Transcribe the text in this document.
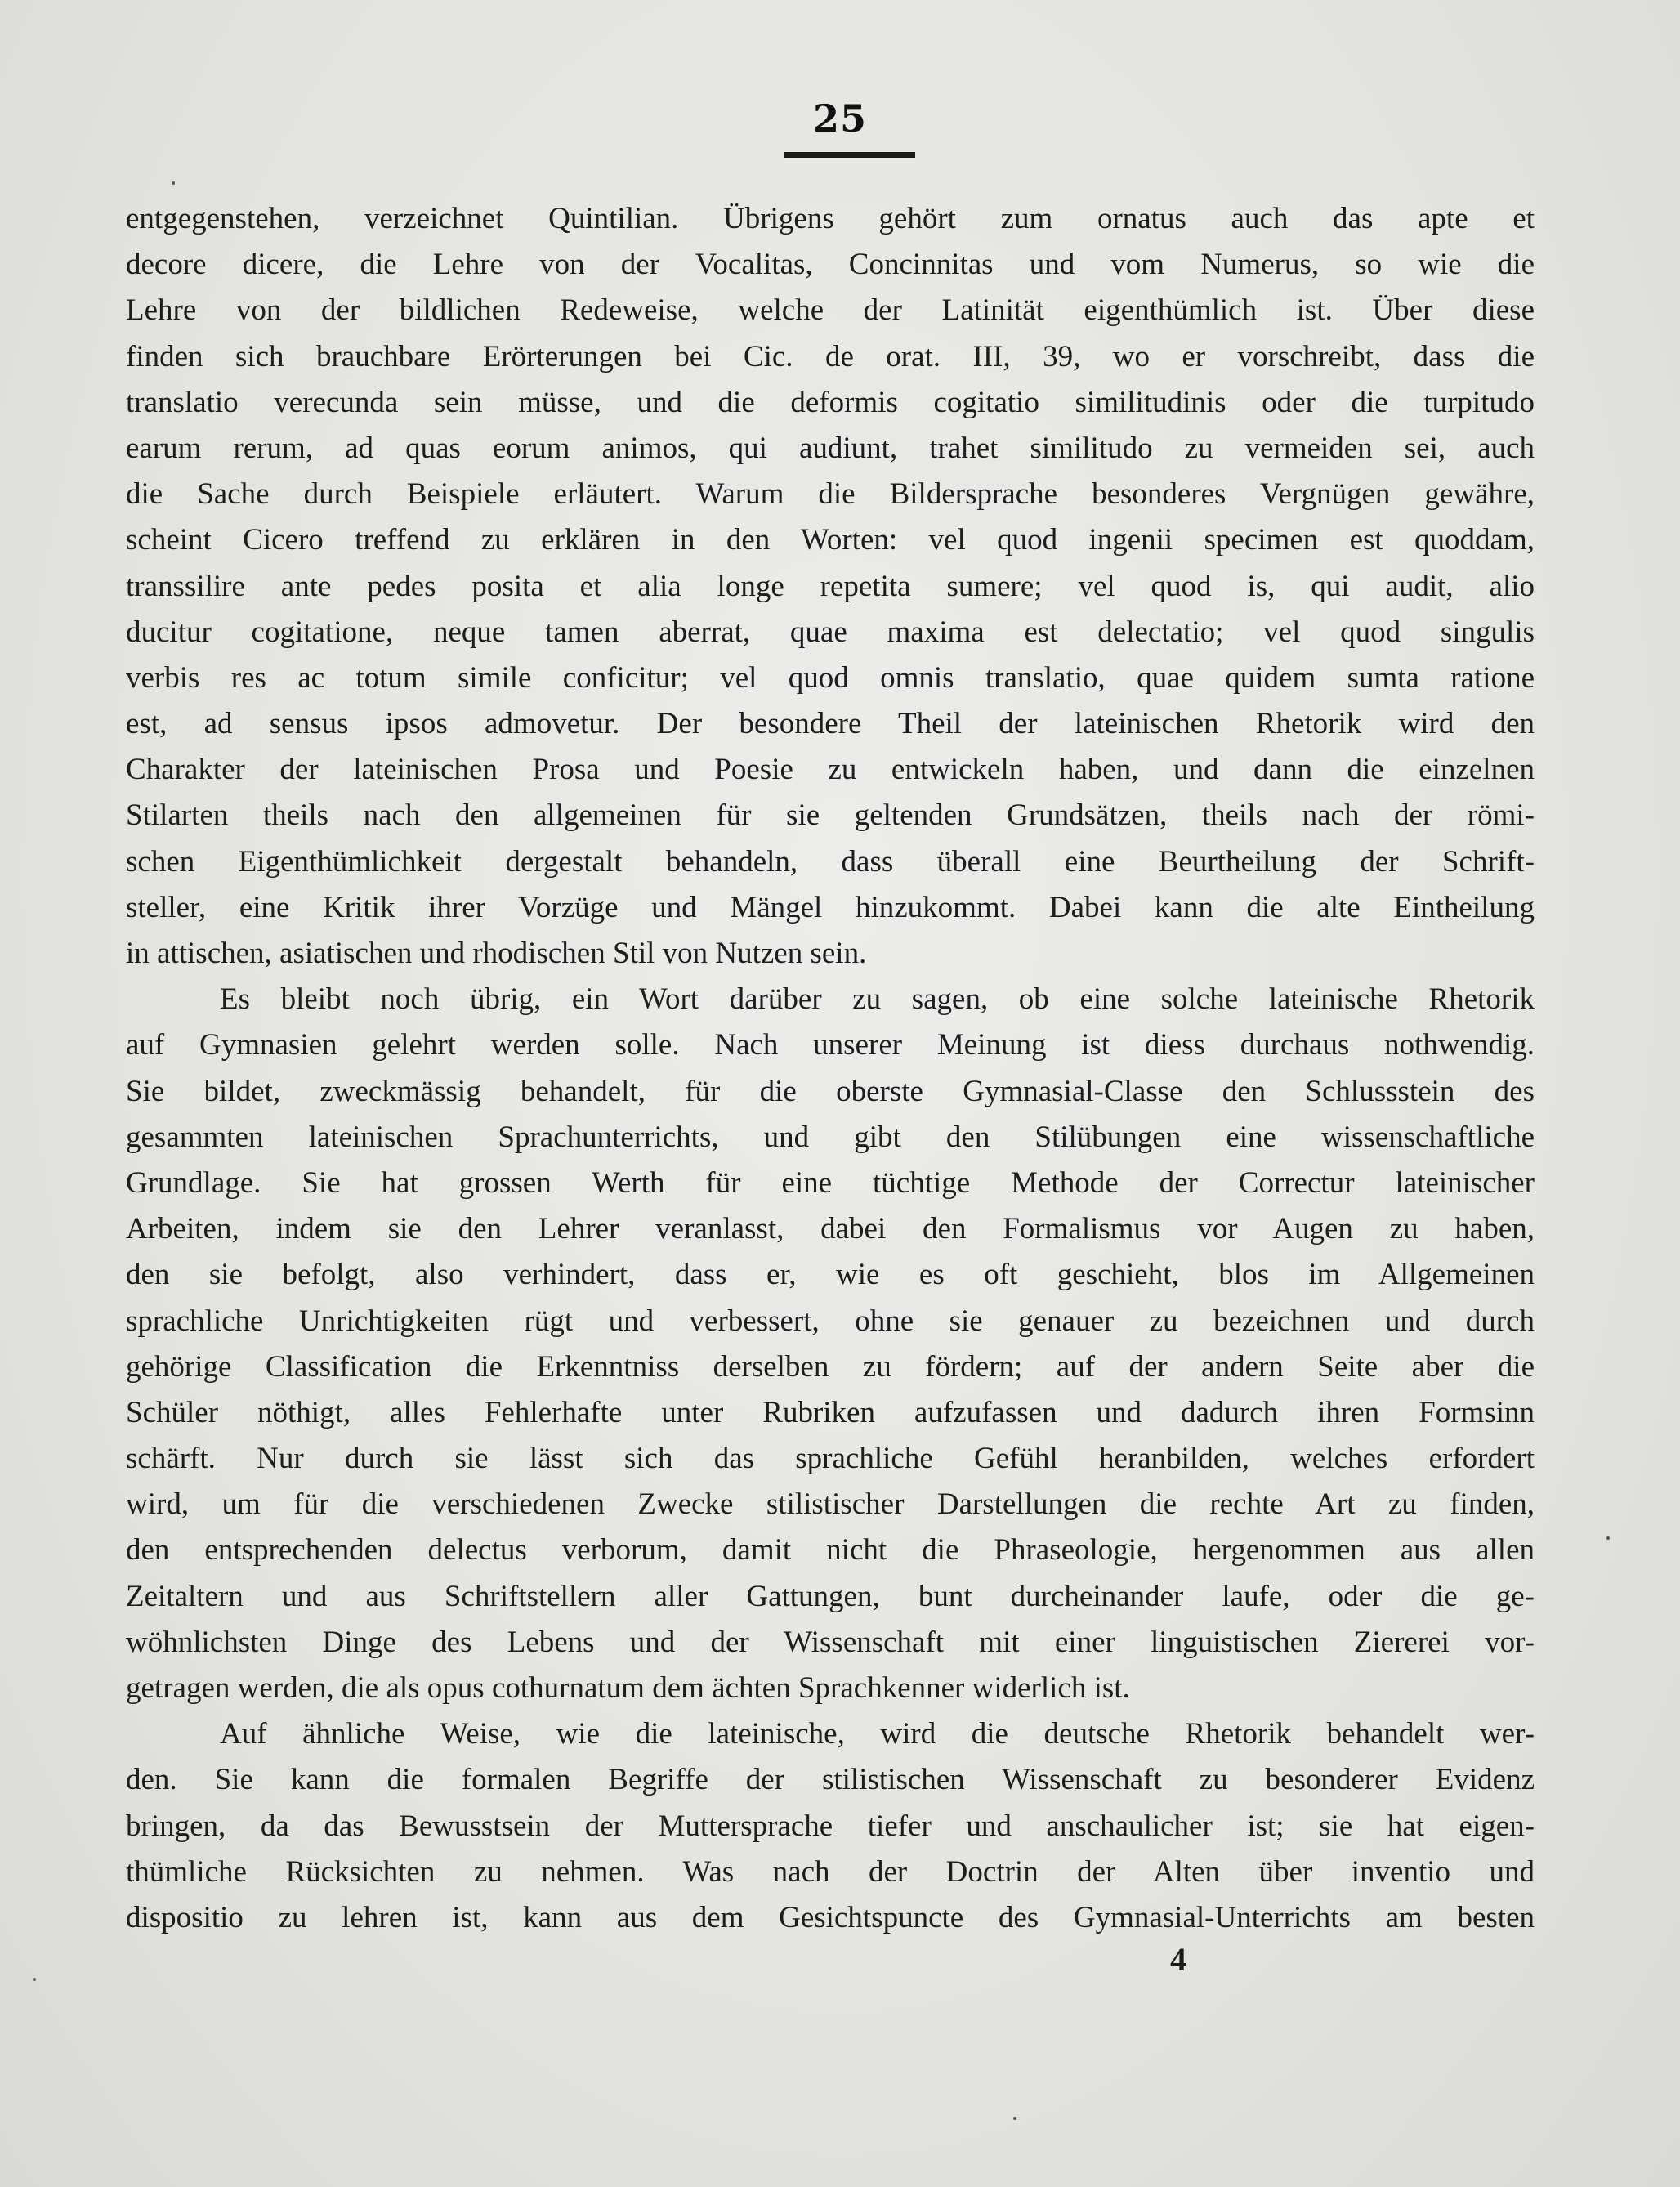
25
entgegenstehen, verzeichnet Quintilian. Übrigens gehört zum ornatus auch das apte et
decore dicere, die Lehre von der Vocalitas, Concinnitas und vom Numerus, so wie die
Lehre von der bildlichen Redeweise, welche der Latinität eigenthümlich ist. Über diese
finden sich brauchbare Erörterungen bei Cic. de orat. III, 39, wo er vorschreibt, dass die
translatio verecunda sein müsse, und die deformis cogitatio similitudinis oder die turpitudo
earum rerum, ad quas eorum animos, qui audiunt, trahet similitudo zu vermeiden sei, auch
die Sache durch Beispiele erläutert. Warum die Bildersprache besonderes Vergnügen gewähre,
scheint Cicero treffend zu erklären in den Worten: vel quod ingenii specimen est quoddam,
transsilire ante pedes posita et alia longe repetita sumere; vel quod is, qui audit, alio
ducitur cogitatione, neque tamen aberrat, quae maxima est delectatio; vel quod singulis
verbis res ac totum simile conficitur; vel quod omnis translatio, quae quidem sumta ratione
est, ad sensus ipsos admovetur. Der besondere Theil der lateinischen Rhetorik wird den
Charakter der lateinischen Prosa und Poesie zu entwickeln haben, und dann die einzelnen
Stilarten theils nach den allgemeinen für sie geltenden Grundsätzen, theils nach der römi-
schen Eigenthümlichkeit dergestalt behandeln, dass überall eine Beurtheilung der Schrift-
steller, eine Kritik ihrer Vorzüge und Mängel hinzukommt. Dabei kann die alte Eintheilung
in attischen, asiatischen und rhodischen Stil von Nutzen sein.
Es bleibt noch übrig, ein Wort darüber zu sagen, ob eine solche lateinische Rhetorik
auf Gymnasien gelehrt werden solle. Nach unserer Meinung ist diess durchaus nothwendig.
Sie bildet, zweckmässig behandelt, für die oberste Gymnasial-Classe den Schlussstein des
gesammten lateinischen Sprachunterrichts, und gibt den Stilübungen eine wissenschaftliche
Grundlage. Sie hat grossen Werth für eine tüchtige Methode der Correctur lateinischer
Arbeiten, indem sie den Lehrer veranlasst, dabei den Formalismus vor Augen zu haben,
den sie befolgt, also verhindert, dass er, wie es oft geschieht, blos im Allgemeinen
sprachliche Unrichtigkeiten rügt und verbessert, ohne sie genauer zu bezeichnen und durch
gehörige Classification die Erkenntniss derselben zu fördern; auf der andern Seite aber die
Schüler nöthigt, alles Fehlerhafte unter Rubriken aufzufassen und dadurch ihren Formsinn
schärft. Nur durch sie lässt sich das sprachliche Gefühl heranbilden, welches erfordert
wird, um für die verschiedenen Zwecke stilistischer Darstellungen die rechte Art zu finden,
den entsprechenden delectus verborum, damit nicht die Phraseologie, hergenommen aus allen
Zeitaltern und aus Schriftstellern aller Gattungen, bunt durcheinander laufe, oder die ge-
wöhnlichsten Dinge des Lebens und der Wissenschaft mit einer linguistischen Ziererei vor-
getragen werden, die als opus cothurnatum dem ächten Sprachkenner widerlich ist.
Auf ähnliche Weise, wie die lateinische, wird die deutsche Rhetorik behandelt wer-
den. Sie kann die formalen Begriffe der stilistischen Wissenschaft zu besonderer Evidenz
bringen, da das Bewusstsein der Muttersprache tiefer und anschaulicher ist; sie hat eigen-
thümliche Rücksichten zu nehmen. Was nach der Doctrin der Alten über inventio und
dispositio zu lehren ist, kann aus dem Gesichtspuncte des Gymnasial-Unterrichts am besten
4
